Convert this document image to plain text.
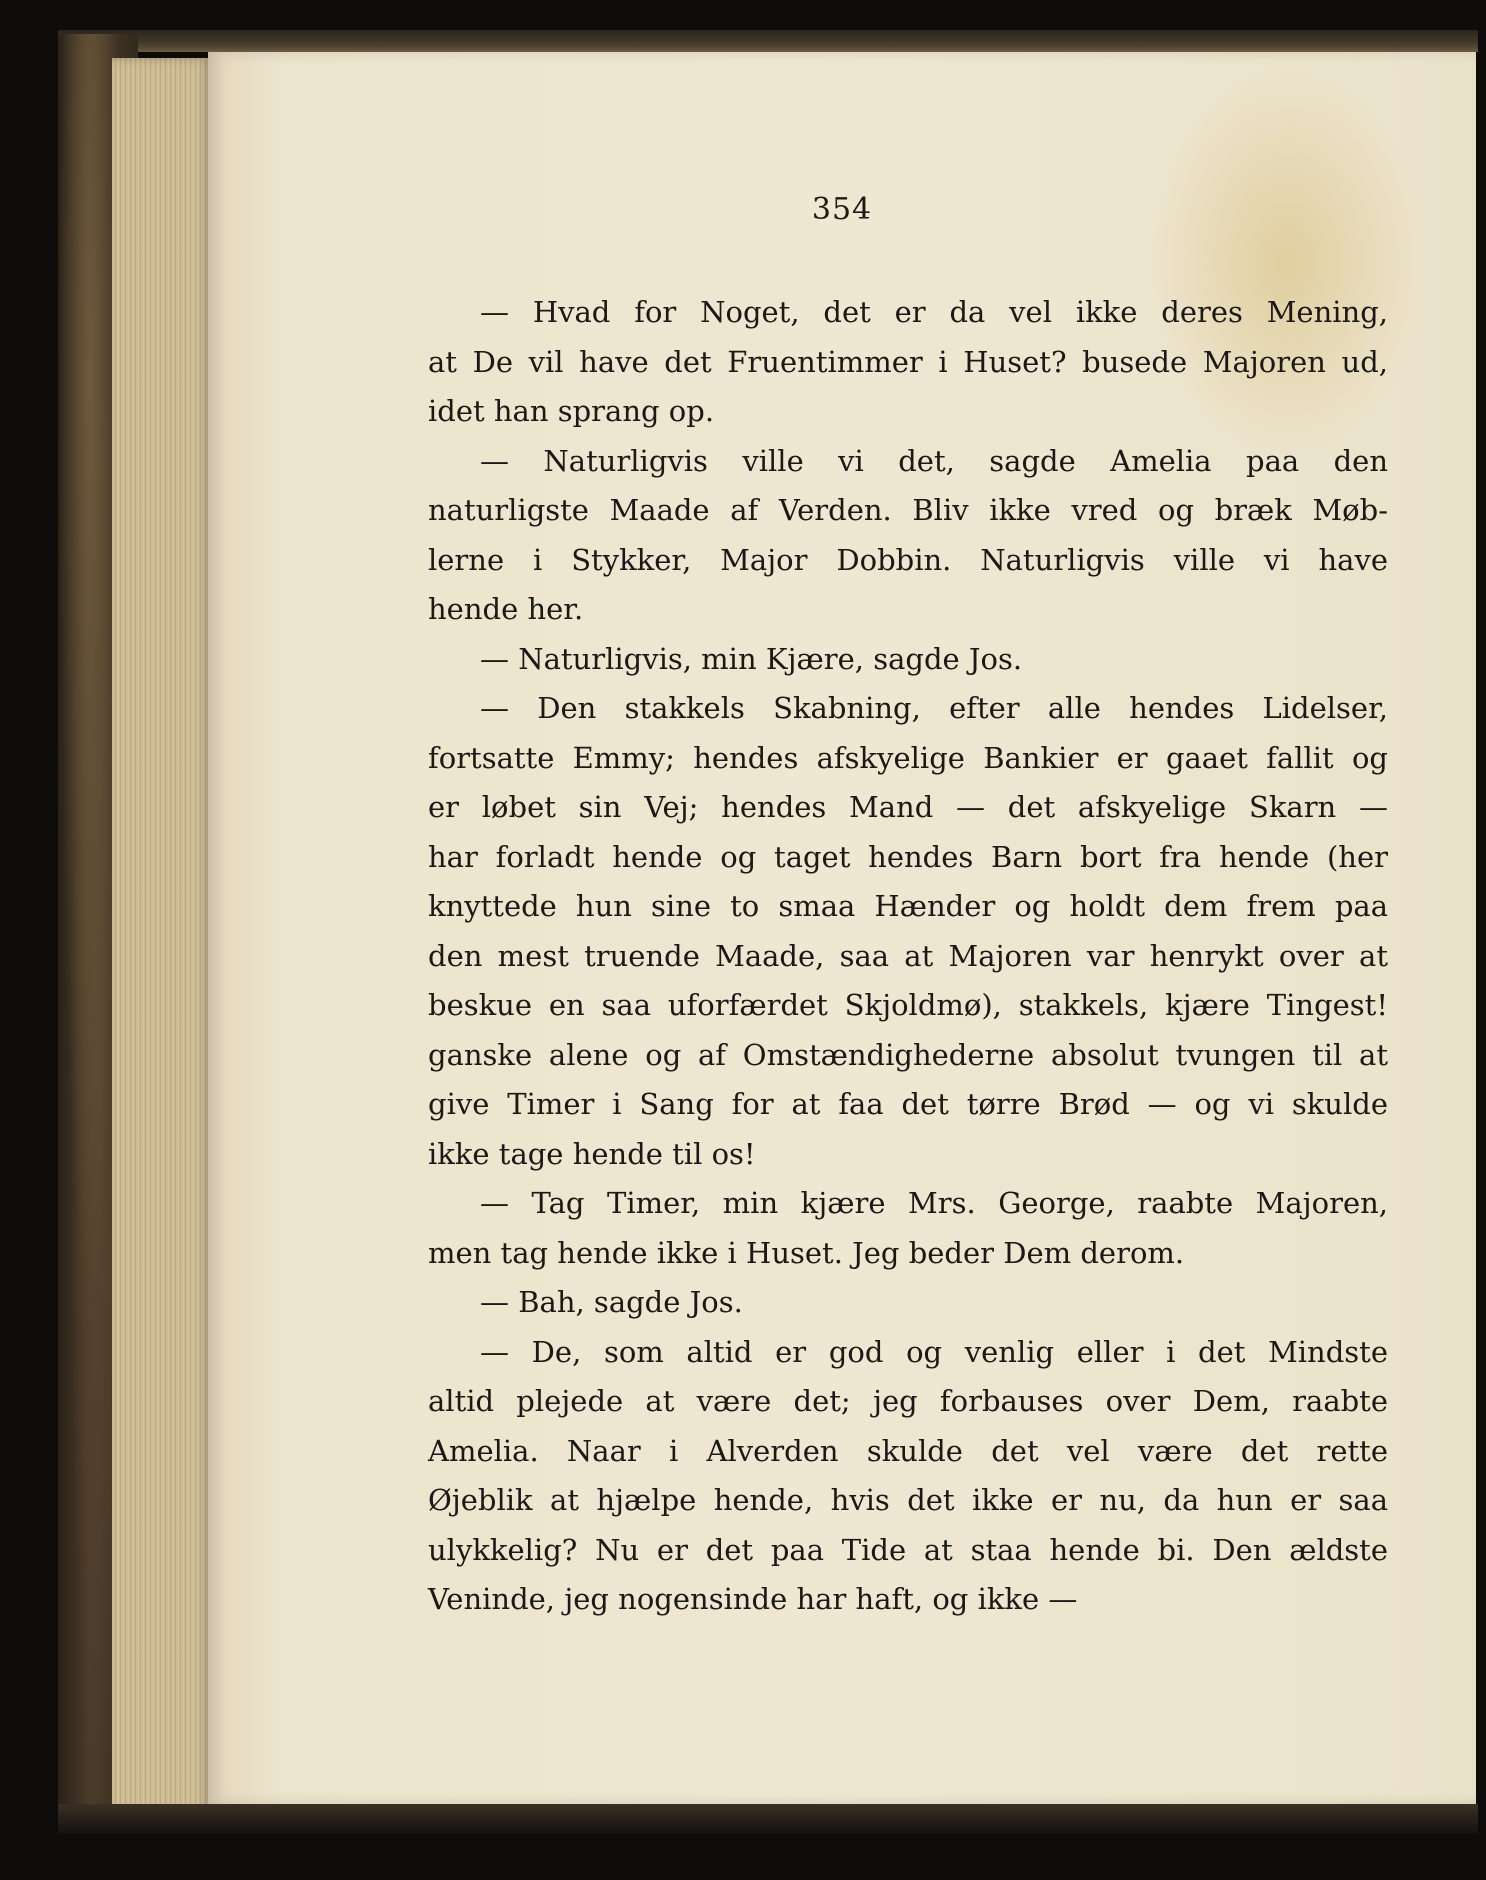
354
— Hvad for Noget, det er da vel ikke deres Mening,
at De vil have det Fruentimmer i Huset? busede Majoren ud,
idet han sprang op.
— Naturligvis ville vi det, sagde Amelia paa den
naturligste Maade af Verden. Bliv ikke vred og bræk Møb-
lerne i Stykker, Major Dobbin. Naturligvis ville vi have
hende her.
— Naturligvis, min Kjære, sagde Jos.
— Den stakkels Skabning, efter alle hendes Lidelser,
fortsatte Emmy; hendes afskyelige Bankier er gaaet fallit og
er løbet sin Vej; hendes Mand — det afskyelige Skarn —
har forladt hende og taget hendes Barn bort fra hende (her
knyttede hun sine to smaa Hænder og holdt dem frem paa
den mest truende Maade, saa at Majoren var henrykt over at
beskue en saa uforfærdet Skjoldmø), stakkels, kjære Tingest!
ganske alene og af Omstændighederne absolut tvungen til at
give Timer i Sang for at faa det tørre Brød — og vi skulde
ikke tage hende til os!
— Tag Timer, min kjære Mrs. George, raabte Majoren,
men tag hende ikke i Huset. Jeg beder Dem derom.
— Bah, sagde Jos.
— De, som altid er god og venlig eller i det Mindste
altid plejede at være det; jeg forbauses over Dem, raabte
Amelia. Naar i Alverden skulde det vel være det rette
Øjeblik at hjælpe hende, hvis det ikke er nu, da hun er saa
ulykkelig? Nu er det paa Tide at staa hende bi. Den ældste
Veninde, jeg nogensinde har haft, og ikke —
